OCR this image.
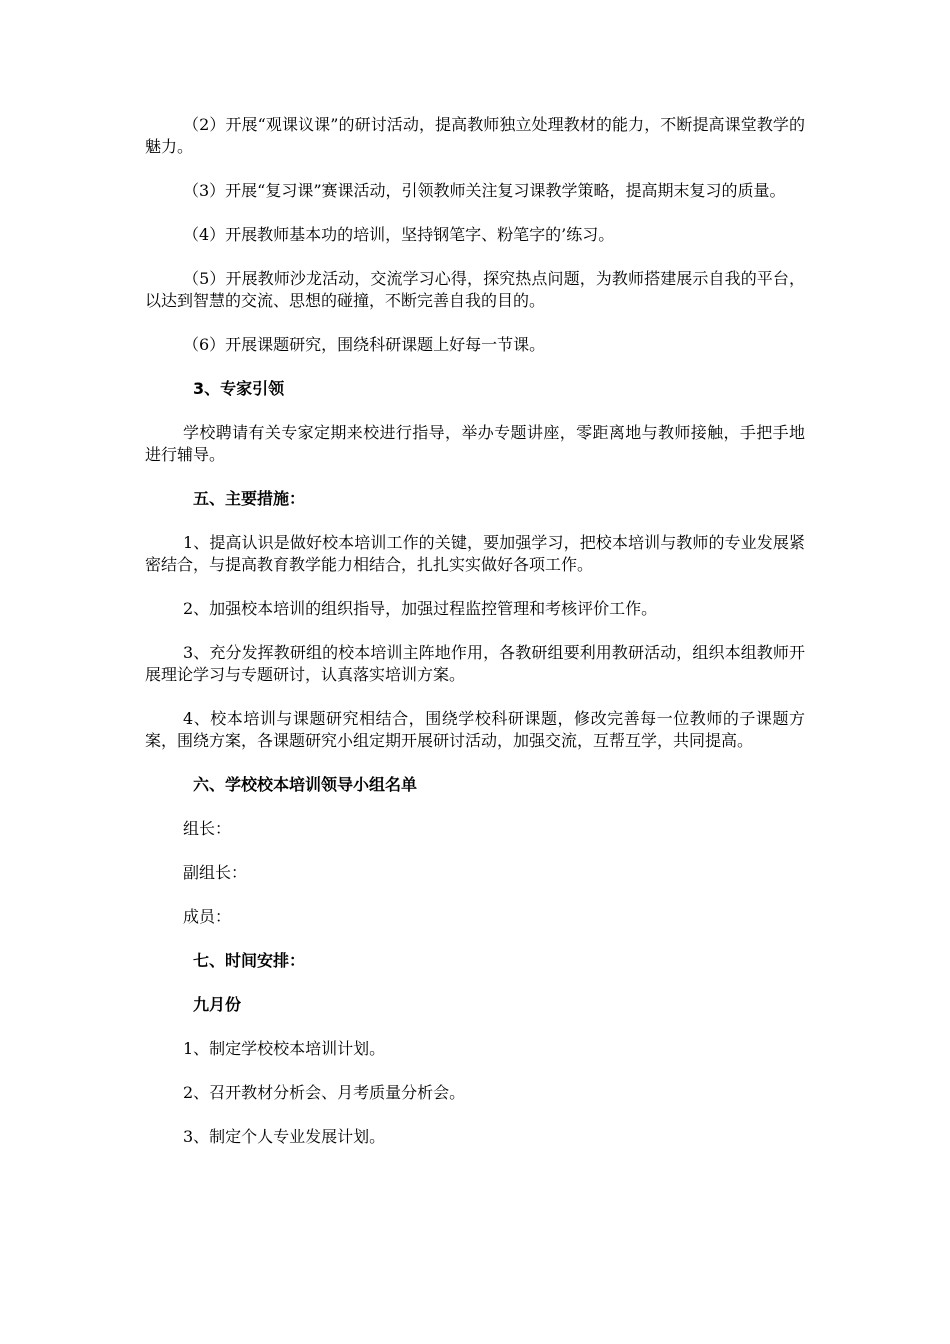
（2）开展“观课议课”的研讨活动，提高教师独立处理教材的能力，不断提高课堂教学的魅力。

（3）开展“复习课”赛课活动，引领教师关注复习课教学策略，提高期末复习的质量。

（4）开展教师基本功的培训，坚持钢笔字、粉笔字的’练习。

（5）开展教师沙龙活动，交流学习心得，探究热点问题，为教师搭建展示自我的平台，以达到智慧的交流、思想的碰撞，不断完善自我的目的。

（6）开展课题研究，围绕科研课题上好每一节课。

3、专家引领

学校聘请有关专家定期来校进行指导，举办专题讲座，零距离地与教师接触，手把手地进行辅导。

五、主要措施：

1、提高认识是做好校本培训工作的关键，要加强学习，把校本培训与教师的专业发展紧密结合，与提高教育教学能力相结合，扎扎实实做好各项工作。

2、加强校本培训的组织指导，加强过程监控管理和考核评价工作。

3、充分发挥教研组的校本培训主阵地作用，各教研组要利用教研活动，组织本组教师开展理论学习与专题研讨，认真落实培训方案。

4、校本培训与课题研究相结合，围绕学校科研课题，修改完善每一位教师的子课题方案，围绕方案，各课题研究小组定期开展研讨活动，加强交流，互帮互学，共同提高。

六、学校校本培训领导小组名单

组长：

副组长：

成员：

七、时间安排：

九月份

1、制定学校校本培训计划。

2、召开教材分析会、月考质量分析会。

3、制定个人专业发展计划。
